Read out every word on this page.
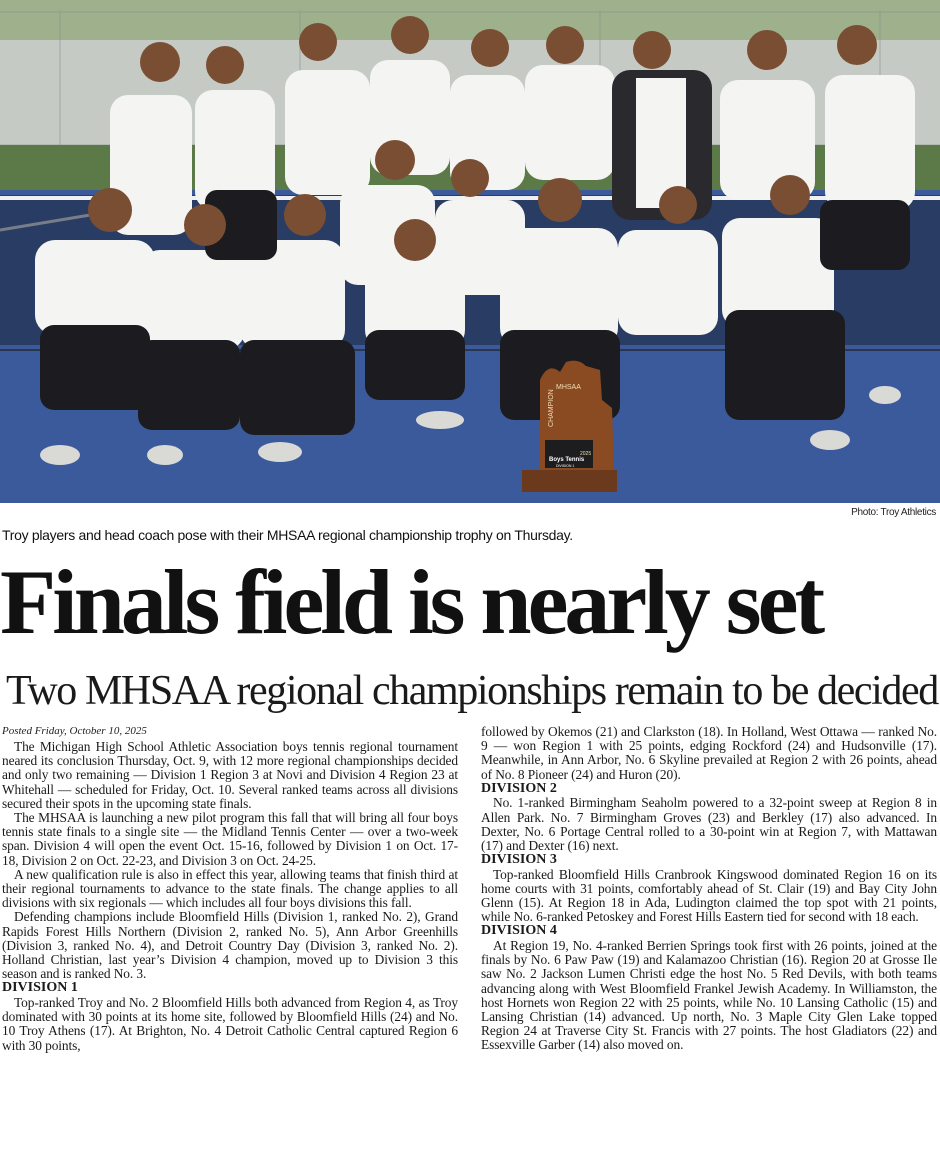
MHSAA
CHAMPION
2025
Boys Tennis
DIVISION 1
Photo: Troy Athletics
Troy players and head coach pose with their MHSAA regional championship trophy on Thursday.
Finals field is nearly set
Two MHSAA regional championships remain to be decided
Posted Friday, October 10, 2025

The Michigan High School Athletic Association boys tennis regional tournament neared its conclusion Thursday, Oct. 9, with 12 more regional championships decided and only two remaining — Division 1 Region 3 at Novi and Division 4 Region 23 at Whitehall — scheduled for Friday, Oct. 10. Several ranked teams across all divisions secured their spots in the upcoming state finals.

The MHSAA is launching a new pilot program this fall that will bring all four boys tennis state finals to a single site — the Midland Tennis Center — over a two-week span. Division 4 will open the event Oct. 15-16, followed by Division 1 on Oct. 17-18, Division 2 on Oct. 22-23, and Division 3 on Oct. 24-25.

A new qualification rule is also in effect this year, allowing teams that finish third at their regional tournaments to advance to the state finals. The change applies to all divisions with six regionals — which includes all four boys divisions this fall.

Defending champions include Bloomfield Hills (Division 1, ranked No. 2), Grand Rapids Forest Hills Northern (Division 2, ranked No. 5), Ann Arbor Greenhills (Division 3, ranked No. 4), and Detroit Country Day (Division 3, ranked No. 2). Holland Christian, last year’s Division 4 champion, moved up to Division 3 this season and is ranked No. 3.

DIVISION 1

Top-ranked Troy and No. 2 Bloomfield Hills both advanced from Region 4, as Troy dominated with 30 points at its home site, followed by Bloomfield Hills (24) and No. 10 Troy Athens (17). At Brighton, No. 4 Detroit Catholic Central captured Region 6 with 30 points,

followed by Okemos (21) and Clarkston (18). In Holland, West Ottawa — ranked No. 9 — won Region 1 with 25 points, edging Rockford (24) and Hudsonville (17). Meanwhile, in Ann Arbor, No. 6 Skyline prevailed at Region 2 with 26 points, ahead of No. 8 Pioneer (24) and Huron (20).

DIVISION 2

No. 1-ranked Birmingham Seaholm powered to a 32-point sweep at Region 8 in Allen Park. No. 7 Birmingham Groves (23) and Berkley (17) also advanced. In Dexter, No. 6 Portage Central rolled to a 30-point win at Region 7, with Mattawan (17) and Dexter (16) next.

DIVISION 3

Top-ranked Bloomfield Hills Cranbrook Kingswood dominated Region 16 on its home courts with 31 points, comfortably ahead of St. Clair (19) and Bay City John Glenn (15). At Region 18 in Ada, Ludington claimed the top spot with 21 points, while No. 6-ranked Petoskey and Forest Hills Eastern tied for second with 18 each.

DIVISION 4

At Region 19, No. 4-ranked Berrien Springs took first with 26 points, joined at the finals by No. 6 Paw Paw (19) and Kalamazoo Christian (16). Region 20 at Grosse Ile saw No. 2 Jackson Lumen Christi edge the host No. 5 Red Devils, with both teams advancing along with West Bloomfield Frankel Jewish Academy. In Williamston, the host Hornets won Region 22 with 25 points, while No. 10 Lansing Catholic (15) and Lansing Christian (14) advanced. Up north, No. 3 Maple City Glen Lake topped Region 24 at Traverse City St. Francis with 27 points. The host Gladiators (22) and Essexville Garber (14) also moved on.
